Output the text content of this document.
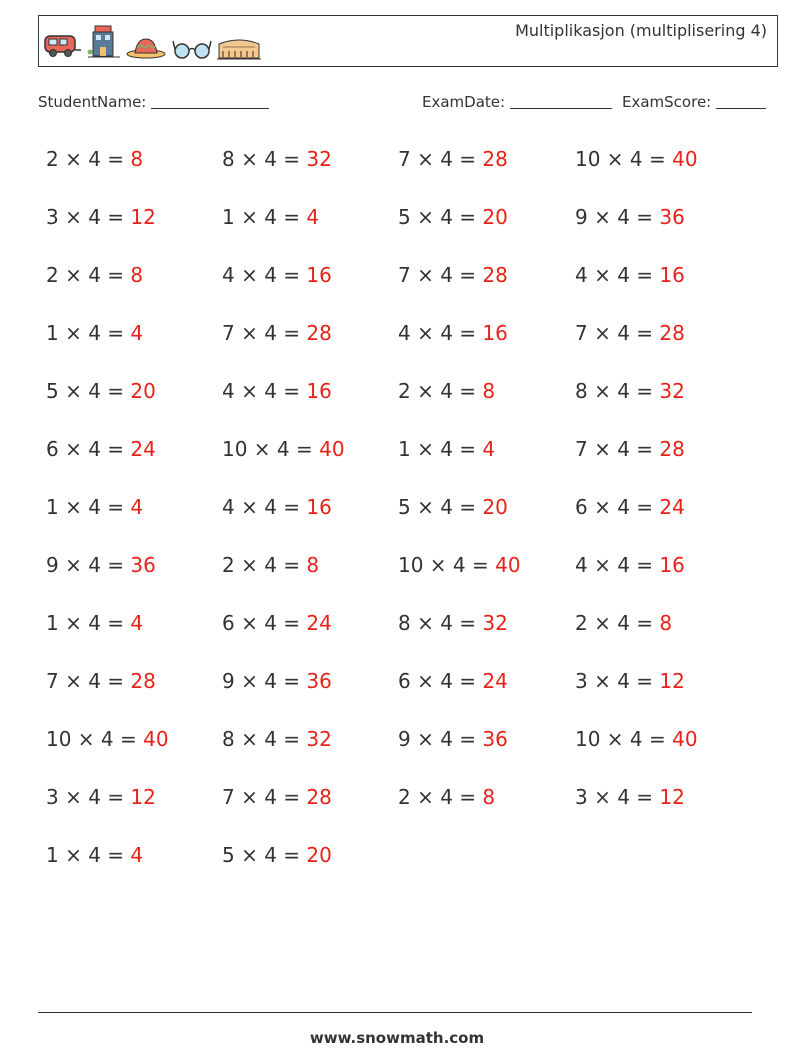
Multiplikasjon (multiplisering 4)
StudentName:	ExamDate:	ExamScore:
2 × 4 = 8
3 × 4 = 12
2 × 4 = 8
1 × 4 = 4
5 × 4 = 20
6 × 4 = 24
1 × 4 = 4
9 × 4 = 36
1 × 4 = 4
7 × 4 = 28
10 × 4 = 40
3 × 4 = 12
1 × 4 = 4
8 × 4 = 32
1 × 4 = 4
4 × 4 = 16
7 × 4 = 28
4 × 4 = 16
10 × 4 = 40
4 × 4 = 16
2 × 4 = 8
6 × 4 = 24
9 × 4 = 36
8 × 4 = 32
7 × 4 = 28
5 × 4 = 20
7 × 4 = 28
5 × 4 = 20
7 × 4 = 28
4 × 4 = 16
2 × 4 = 8
1 × 4 = 4
5 × 4 = 20
10 × 4 = 40
8 × 4 = 32
6 × 4 = 24
9 × 4 = 36
2 × 4 = 8
10 × 4 = 40
9 × 4 = 36
4 × 4 = 16
7 × 4 = 28
8 × 4 = 32
7 × 4 = 28
6 × 4 = 24
4 × 4 = 16
2 × 4 = 8
3 × 4 = 12
10 × 4 = 40
3 × 4 = 12
www.snowmath.com
